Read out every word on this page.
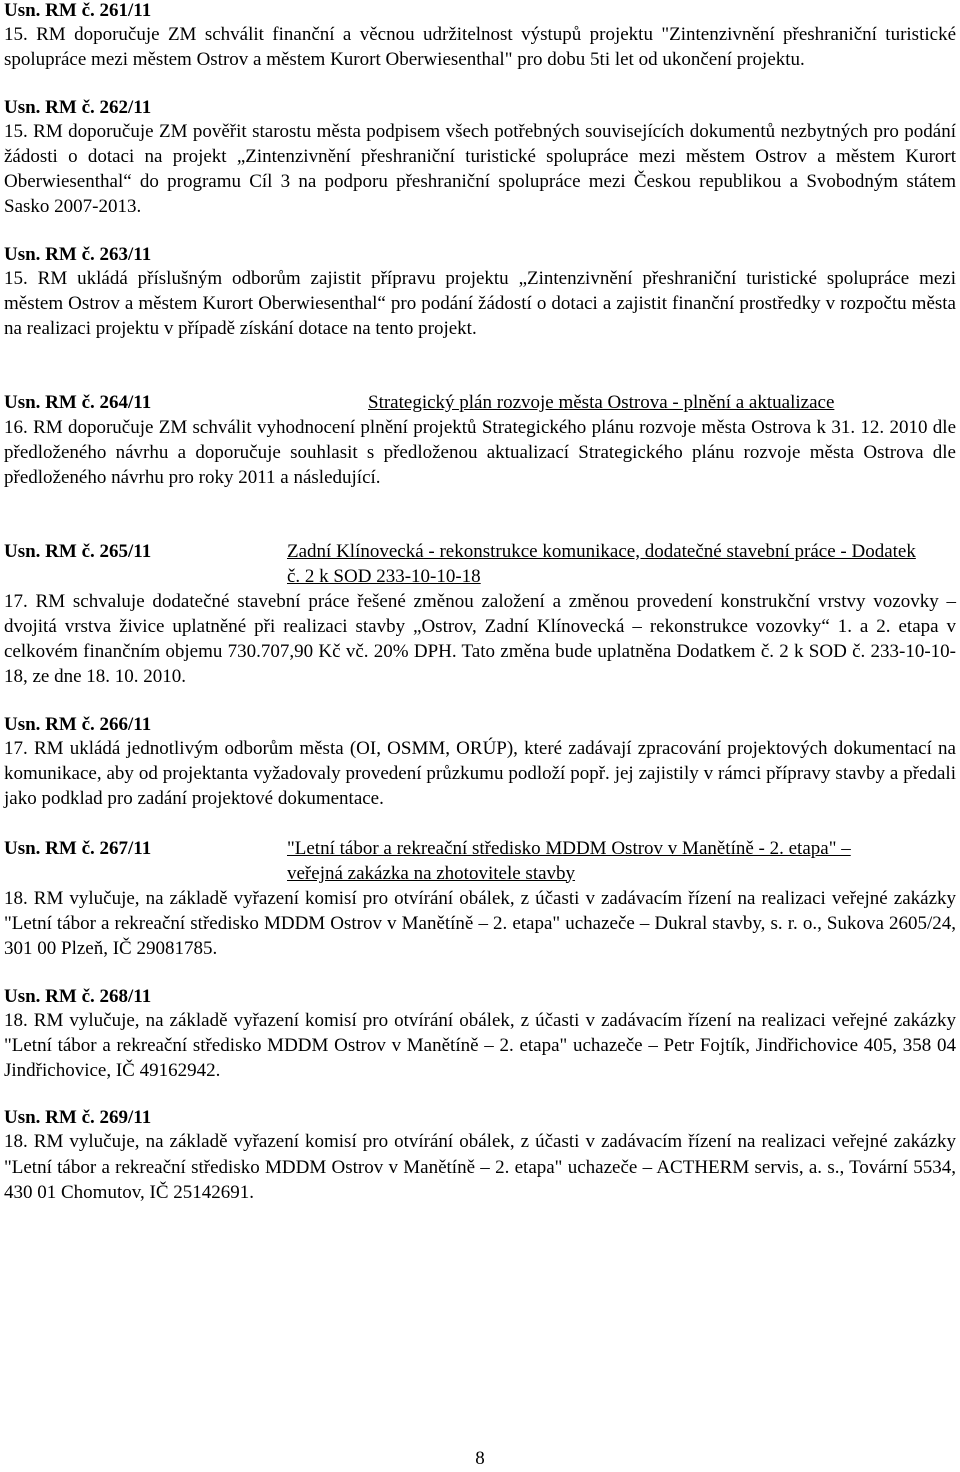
Usn. RM č. 261/11

15. RM doporučuje ZM schválit finanční a věcnou udržitelnost výstupů projektu "Zintenzivnění přeshraniční turistické spolupráce mezi městem Ostrov a městem Kurort Oberwiesenthal" pro dobu 5ti let od ukončení projektu.

Usn. RM č. 262/11

15. RM doporučuje ZM pověřit starostu města podpisem všech potřebných souvisejících dokumentů nezbytných pro podání žádosti o dotaci na projekt „Zintenzivnění přeshraniční turistické spolupráce mezi městem Ostrov a městem Kurort Oberwiesenthal“ do programu Cíl 3 na podporu přeshraniční spolupráce mezi Českou republikou a Svobodným státem Sasko 2007-2013.

Usn. RM č. 263/11

15. RM ukládá příslušným odborům zajistit přípravu projektu „Zintenzivnění přeshraniční turistické spolupráce mezi městem Ostrov a městem Kurort Oberwiesenthal“ pro podání žádostí o dotaci a zajistit finanční prostředky v rozpočtu města na realizaci projektu v případě získání dotace na tento projekt.

Usn. RM č. 264/11	Strategický plán rozvoje města Ostrova - plnění a aktualizace

16. RM doporučuje ZM schválit vyhodnocení plnění projektů Strategického plánu rozvoje města Ostrova k 31. 12. 2010 dle předloženého návrhu a doporučuje souhlasit s předloženou aktualizací Strategického plánu rozvoje města Ostrova dle předloženého návrhu pro roky 2011 a následující.

Usn. RM č. 265/11	Zadní Klínovecká - rekonstrukce komunikace, dodatečné stavební práce - Dodatek č. 2 k SOD 233-10-10-18

17. RM schvaluje dodatečné stavební práce řešené změnou založení a změnou provedení konstrukční vrstvy vozovky – dvojitá vrstva živice uplatněné při realizaci stavby „Ostrov, Zadní Klínovecká – rekonstrukce vozovky“ 1. a 2. etapa v celkovém finančním objemu 730.707,90 Kč vč. 20% DPH. Tato změna bude uplatněna Dodatkem č. 2 k SOD č. 233-10-10-18, ze dne 18. 10. 2010.

Usn. RM č. 266/11

17. RM ukládá jednotlivým odborům města (OI, OSMM, ORÚP), které zadávají zpracování projektových dokumentací na komunikace, aby od projektanta vyžadovaly provedení průzkumu podloží popř. jej zajistily v rámci přípravy stavby a předali jako podklad pro zadání projektové dokumentace.

Usn. RM č. 267/11	"Letní tábor a rekreační středisko MDDM Ostrov v Manětíně - 2. etapa" – veřejná zakázka na zhotovitele stavby

18. RM vylučuje, na základě vyřazení komisí pro otvírání obálek, z účasti v zadávacím řízení na realizaci veřejné zakázky "Letní tábor a rekreační středisko MDDM Ostrov v Manětíně – 2. etapa" uchazeče – Dukral stavby, s. r. o., Sukova 2605/24, 301 00 Plzeň, IČ 29081785.

Usn. RM č. 268/11

18. RM vylučuje, na základě vyřazení komisí pro otvírání obálek, z účasti v zadávacím řízení na realizaci veřejné zakázky "Letní tábor a rekreační středisko MDDM Ostrov v Manětíně – 2. etapa" uchazeče – Petr Fojtík, Jindřichovice 405, 358 04 Jindřichovice, IČ 49162942.

Usn. RM č. 269/11

18. RM vylučuje, na základě vyřazení komisí pro otvírání obálek, z účasti v zadávacím řízení na realizaci veřejné zakázky "Letní tábor a rekreační středisko MDDM Ostrov v Manětíně – 2. etapa" uchazeče – ACTHERM servis, a. s., Tovární 5534, 430 01 Chomutov, IČ 25142691.

8
